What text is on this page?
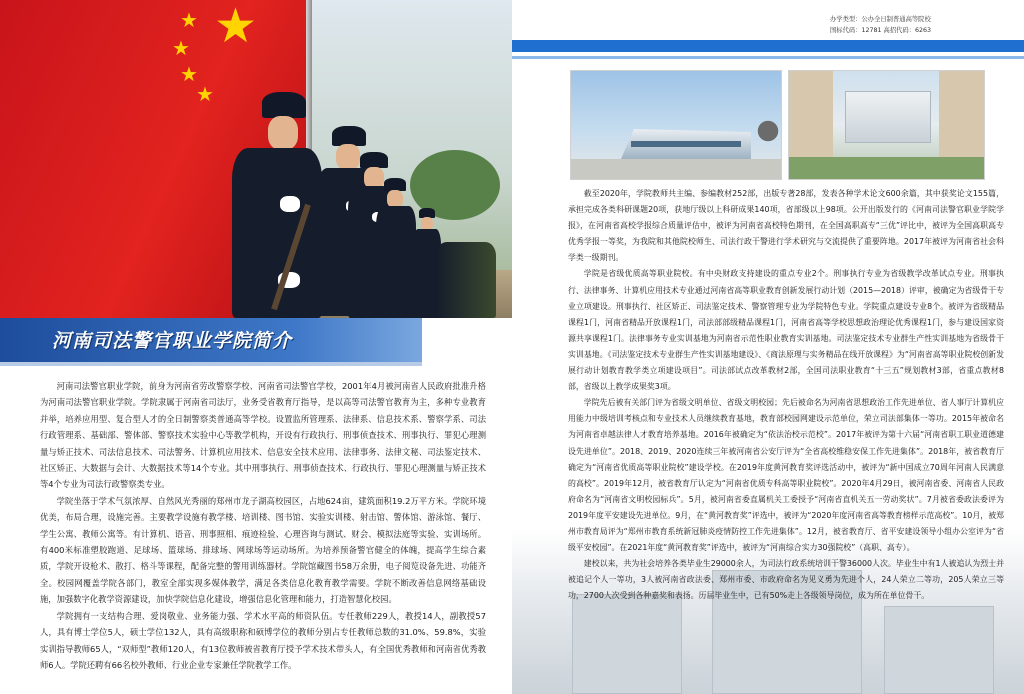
★
★
★
★
★
河南司法警官职业学院简介

河南司法警官职业学院，前身为河南省劳改警察学校、河南省司法警官学校，2001年4月被河南省人民政府批准升格为河南司法警官职业学院。学院隶属于河南省司法厅，业务受省教育厅指导，是以高等司法警官教育为主，多种专业教育并举，培养应用型、复合型人才的全日制警察类普通高等学校。设置监所管理系、法律系、信息技术系、警察学系、司法行政管理系、基础部、警体部、警察技术实验中心等教学机构，开设有行政执行、刑事侦查技术、刑事执行、罪犯心理测量与矫正技术、司法信息技术、司法警务、计算机应用技术、信息安全技术应用、法律事务、法律文秘、司法鉴定技术、社区矫正、大数据与会计、大数据技术等14个专业。其中刑事执行、刑事侦查技术、行政执行、罪犯心理测量与矫正技术等4个专业为司法行政警察类专业。

学院坐落于学术气氛浓厚、自然风光秀丽的郑州市龙子湖高校园区，占地624亩，建筑面积19.2万平方米。学院环境优美，布局合理，设施完善。主要教学设施有教学楼、培训楼、图书馆、实验实训楼、射击馆、警体馆、游泳馆、餐厅、学生公寓、教师公寓等。有计算机、语音、刑事照相、痕迹检验、心理咨询与测试、财会、模拟法庭等实验、实训场所。有400米标准塑胶跑道、足球场、篮球场、排球场、网球场等运动场所。为培养预备警官健全的体魄，提高学生综合素质，学院开设枪术、散打、格斗等课程，配备完整的警用训练器材。学院馆藏图书58万余册，电子阅览设备先进、功能齐全。校园网覆盖学院各部门，教室全部实现多媒体教学，满足各类信息化教育教学需要。学院不断改善信息网络基础设施，加强数字化教学资源建设，加快学院信息化建设，增强信息化管理和能力，打造智慧化校园。

学院拥有一支结构合理、爱岗敬业、业务能力强、学术水平高的师资队伍。专任教师229人，教授14人，副教授57人，具有博士学位5人，硕士学位132人，具有高级职称和硕博学位的教师分别占专任教师总数的31.0%、59.8%，实验实训指导教师65人，“双师型”教师120人，有13位教师被省教育厅授予学术技术带头人，有全国优秀教师和河南省优秀教师6人。学院还聘有66名校外教师、行业企业专家兼任学院教学工作。

办学类型：公办全日制普通高等院校
国标代码：12781 高招代码：6263

截至2020年，学院教师共主编、参编教材252部，出版专著28部，发表各种学术论文600余篇，其中获奖论文155篇，承担完成各类科研课题20项，获地厅级以上科研成果140项，省部级以上98项。公开出版发行的《河南司法警官职业学院学报》，在河南省高校学报综合质量评估中，被评为河南省高校特色期刊，在全国高职高专“三优”评比中，被评为全国高职高专优秀学报一等奖，为我院和其他院校师生、司法行政干警进行学术研究与交流提供了重要阵地。2017年被评为河南省社会科学类一级期刊。

学院是省级优质高等职业院校。有中央财政支持建设的重点专业2个。刑事执行专业为省级教学改革试点专业。刑事执行、法律事务、计算机应用技术专业通过河南省高等职业教育创新发展行动计划（2015—2018）评审，被确定为省级骨干专业立项建设。刑事执行、社区矫正、司法鉴定技术、警察管理专业为学院特色专业。学院重点建设专业8个。被评为省级精品课程1门，河南省精品开放课程1门，司法部部级精品课程1门，河南省高等学校思想政治理论优秀课程1门，参与建设国家资源共享课程1门。法律事务专业实训基地为河南省示范性职业教育实训基地。司法鉴定技术专业群生产性实训基地为省级骨干实训基地。《司法鉴定技术专业群生产性实训基地建设》、《商法原理与实务精品在线开放课程》为“河南省高等职业院校创新发展行动计划教育教学类立项建设项目”。司法部试点改革教材2部，全国司法职业教育“十三五”规划教材3部，省重点教材8部，省级以上教学成果奖3项。

学院先后被有关部门评为省级文明单位、省级文明校园；先后被命名为河南省思想政治工作先进单位、省人事厅计算机应用能力中级培训考核点和专业技术人员继续教育基地，教育部校园网建设示范单位，荣立司法部集体一等功。2015年被命名为河南省卓越法律人才教育培养基地。2016年被确定为“依法治校示范校”。2017年被评为第十六届“河南省职工职业道德建设先进单位”。2018、2019、2020连续三年被河南省公安厅评为“全省高校维稳安保工作先进集体”。2018年，被省教育厅确定为“河南省优质高等职业院校”建设学校。在2019年度黄河教育奖评选活动中，被评为“新中国成立70周年河南人民满意的高校”。2019年12月，被省教育厅认定为“河南省优质专科高等职业院校”。2020年4月29日，被河南省委、河南省人民政府命名为“河南省文明校园标兵”。5月，被河南省委直属机关工委授予“河南省直机关五一劳动奖状”。7月被省委政法委评为2019年度平安建设先进单位。9月，在“黄河教育奖”评选中，被评为“2020年度河南省高等教育榜样示范高校”。10月，被郑州市教育局评为“郑州市教育系统新冠肺炎疫情防控工作先进集体”。12月，被省教育厅、省平安建设领导小组办公室评为“省级平安校园”。在2021年度“黄河教育奖”评选中，被评为“河南综合实力30强院校”（高职、高专）。

建校以来，共为社会培养各类毕业生29000余人，为司法行政系统培训干警36000人次。毕业生中有1人被追认为烈士并被追记个人一等功，3人被河南省政法委、郑州市委、市政府命名为见义勇为先进个人，24人荣立二等功，205人荣立三等功，2700人次受到各种嘉奖和表扬。历届毕业生中，已有50%走上各级领导岗位，成为所在单位骨干。
